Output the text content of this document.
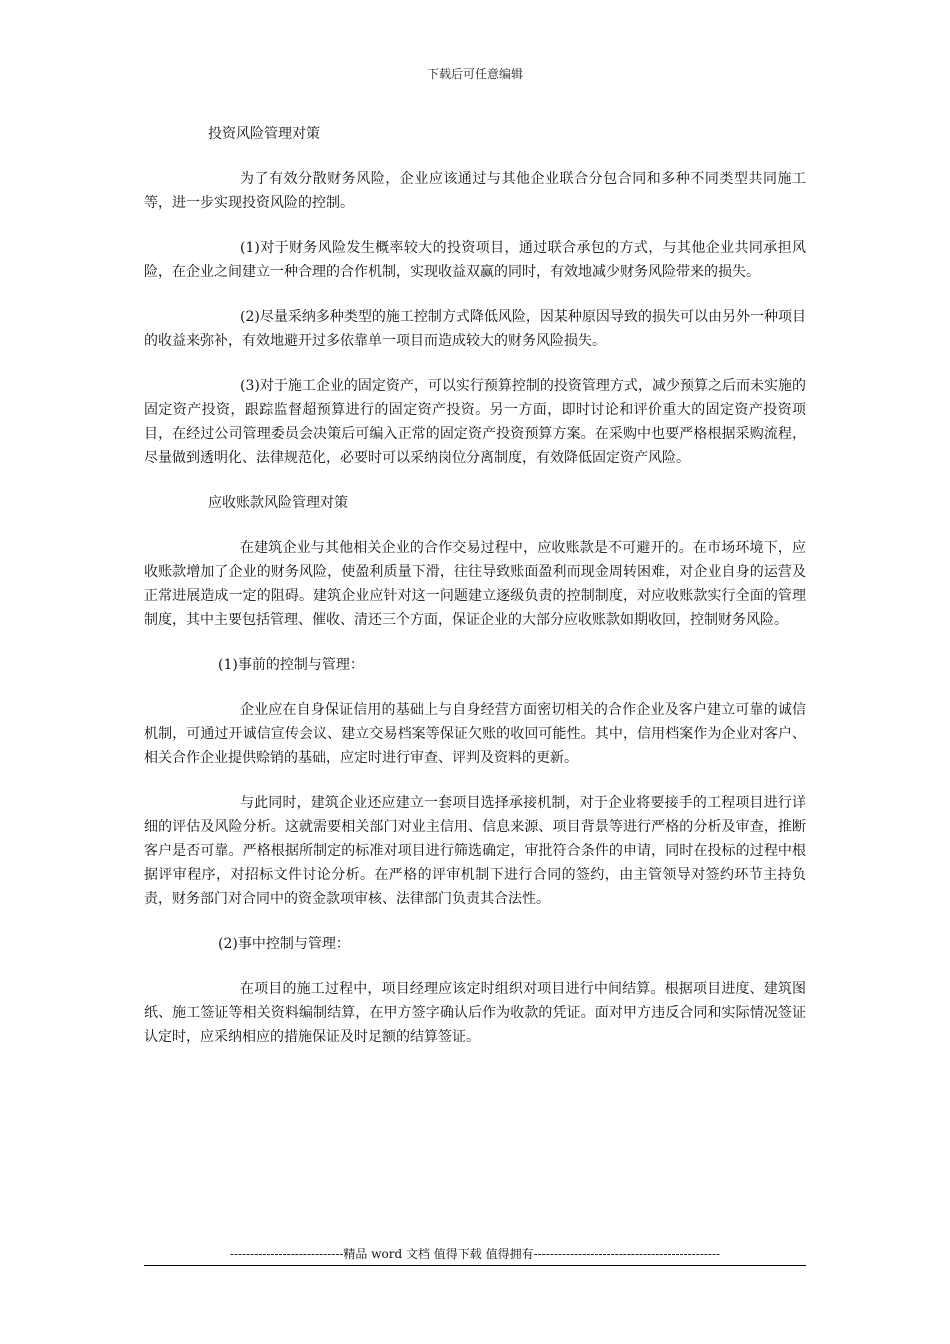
下载后可任意编辑
投资风险管理对策
为了有效分散财务风险，企业应该通过与其他企业联合分包合同和多种不同类型共同施工等，进一步实现投资风险的控制。
(1)对于财务风险发生概率较大的投资项目，通过联合承包的方式，与其他企业共同承担风险，在企业之间建立一种合理的合作机制，实现收益双赢的同时，有效地减少财务风险带来的损失。
(2)尽量采纳多种类型的施工控制方式降低风险，因某种原因导致的损失可以由另外一种项目的收益来弥补，有效地避开过多依靠单一项目而造成较大的财务风险损失。
(3)对于施工企业的固定资产，可以实行预算控制的投资管理方式，减少预算之后而未实施的固定资产投资，跟踪监督超预算进行的固定资产投资。另一方面，即时讨论和评价重大的固定资产投资项目，在经过公司管理委员会决策后可编入正常的固定资产投资预算方案。在采购中也要严格根据采购流程，尽量做到透明化、法律规范化，必要时可以采纳岗位分离制度，有效降低固定资产风险。
应收账款风险管理对策
在建筑企业与其他相关企业的合作交易过程中，应收账款是不可避开的。在市场环境下，应收账款增加了企业的财务风险，使盈利质量下滑，往往导致账面盈利而现金周转困难，对企业自身的运营及正常进展造成一定的阻碍。建筑企业应针对这一问题建立逐级负责的控制制度，对应收账款实行全面的管理制度，其中主要包括管理、催收、清还三个方面，保证企业的大部分应收账款如期收回，控制财务风险。
(1)事前的控制与管理：
企业应在自身保证信用的基础上与自身经营方面密切相关的合作企业及客户建立可靠的诚信机制，可通过开诚信宣传会议、建立交易档案等保证欠账的收回可能性。其中，信用档案作为企业对客户、相关合作企业提供赊销的基础，应定时进行审查、评判及资料的更新。
与此同时，建筑企业还应建立一套项目选择承接机制，对于企业将要接手的工程项目进行详细的评估及风险分析。这就需要相关部门对业主信用、信息来源、项目背景等进行严格的分析及审查，推断客户是否可靠。严格根据所制定的标准对项目进行筛选确定，审批符合条件的申请，同时在投标的过程中根据评审程序，对招标文件讨论分析。在严格的评审机制下进行合同的签约，由主管领导对签约环节主持负责，财务部门对合同中的资金款项审核、法律部门负责其合法性。
(2)事中控制与管理：
在项目的施工过程中，项目经理应该定时组织对项目进行中间结算。根据项目进度、建筑图纸、施工签证等相关资料编制结算，在甲方签字确认后作为收款的凭证。面对甲方违反合同和实际情况签证认定时，应采纳相应的措施保证及时足额的结算签证。
----------------------------精品 word 文档 值得下载 值得拥有----------------------------------------------
